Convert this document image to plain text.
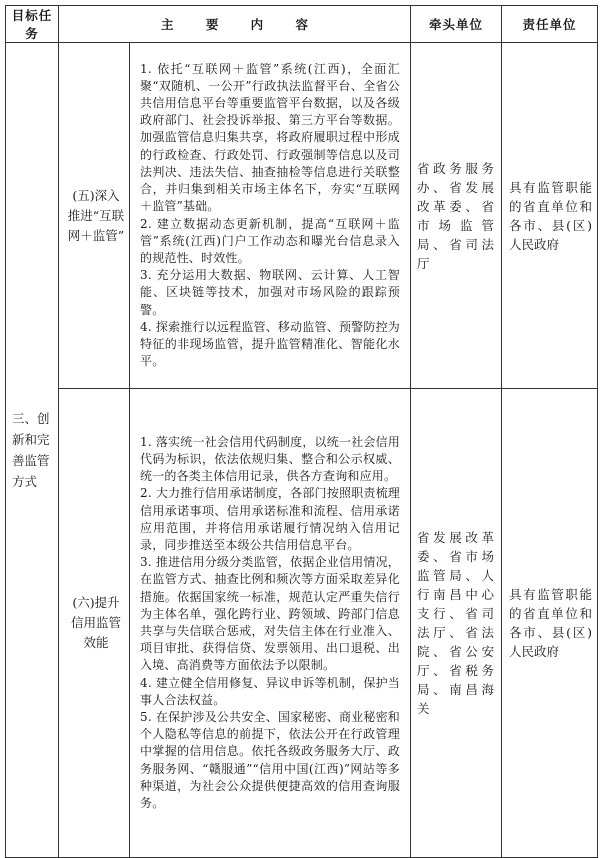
目标任务	主 要 内 容		牵头单位	责任单位
三、创新和完善监管方式	(五)深入推进“互联网＋监管”	1. 依托“互联网＋监管”系统(江西)，全面汇聚“双随机、一公开”行政执法监督平台、全省公共信用信息平台等重要监管平台数据，以及各级政府部门、社会投诉举报、第三方平台等数据。加强监管信息归集共享，将政府履职过程中形成的行政检查、行政处罚、行政强制等信息以及司法判决、违法失信、抽查抽检等信息进行关联整合，并归集到相关市场主体名下，夯实“互联网＋监管”基础。

2. 建立数据动态更新机制，提高“互联网＋监管”系统(江西)门户工作动态和曝光台信息录入的规范性、时效性。

3. 充分运用大数据、物联网、云计算、人工智能、区块链等技术，加强对市场风险的跟踪预警。

4. 探索推行以远程监管、移动监管、预警防控为特征的非现场监管，提升监管精准化、智能化水平。	省政务服务办、省发展改革委、省市场监管局、省司法厅	具有监管职能的省直单位和各市、县(区)人民政府
	(六)提升信用监管效能	1. 落实统一社会信用代码制度，以统一社会信用代码为标识，依法依规归集、整合和公示权威、统一的各类主体信用记录，供各方查询和应用。

2. 大力推行信用承诺制度，各部门按照职责梳理信用承诺事项、信用承诺标准和流程、信用承诺应用范围，并将信用承诺履行情况纳入信用记录，同步推送至本级公共信用信息平台。

3. 推进信用分级分类监管，依据企业信用情况，在监管方式、抽查比例和频次等方面采取差异化措施。依据国家统一标准，规范认定严重失信行为主体名单，强化跨行业、跨领域、跨部门信息共享与失信联合惩戒，对失信主体在行业准入、项目审批、获得信贷、发票领用、出口退税、出入境、高消费等方面依法予以限制。

4. 建立健全信用修复、异议申诉等机制，保护当事人合法权益。

5. 在保护涉及公共安全、国家秘密、商业秘密和个人隐私等信息的前提下，依法公开在行政管理中掌握的信用信息。依托各级政务服务大厅、政务服务网、“赣服通”“信用中国(江西)”网站等多种渠道，为社会公众提供便捷高效的信用查询服务。	省发展改革委、省市场监管局、人行南昌中心支行、省司法厅、省法院、省公安厅、省税务局、南昌海关	具有监管职能的省直单位和各市、县(区)人民政府
